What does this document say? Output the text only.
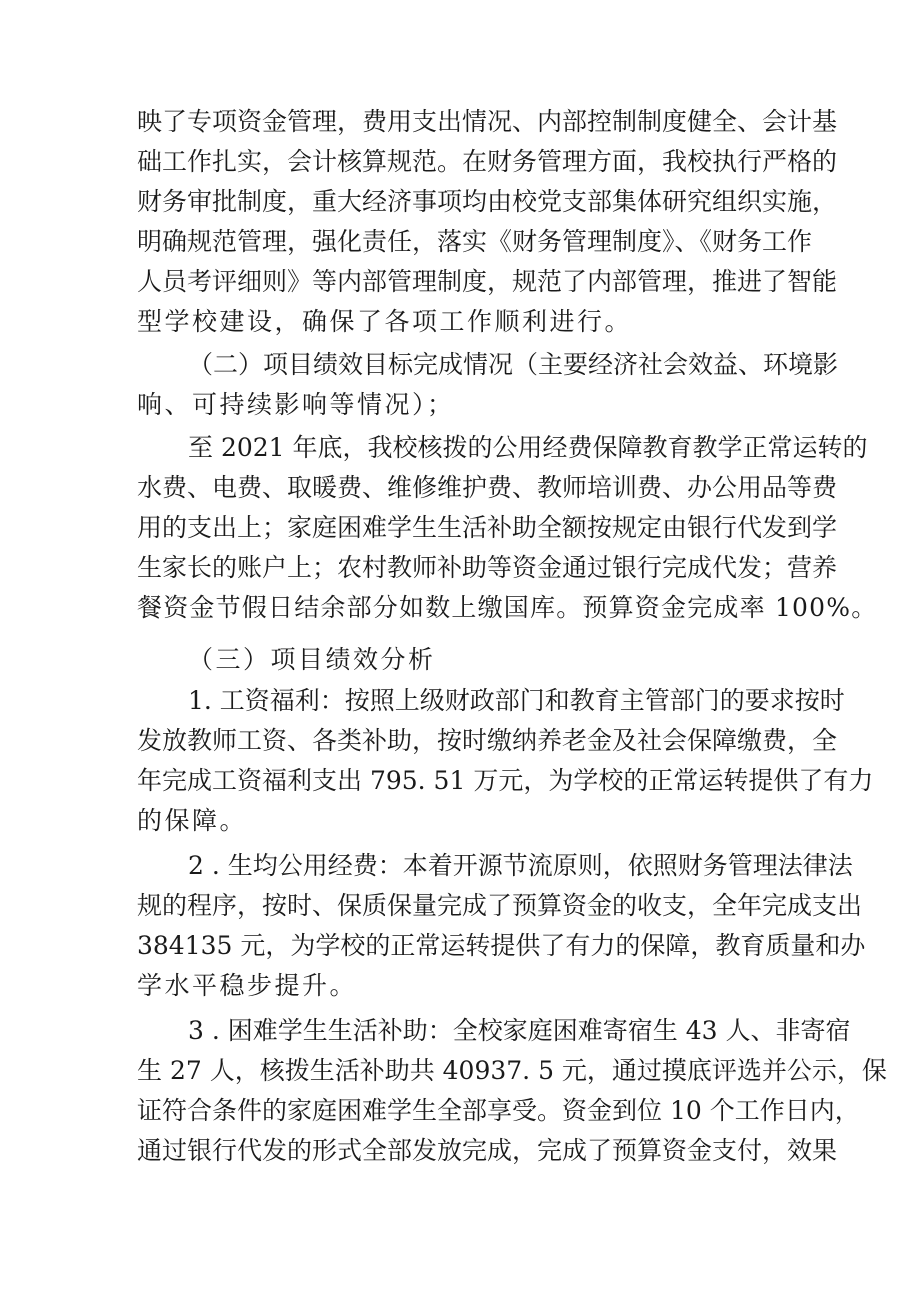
映了专项资金管理，费用支出情况、内部控制制度健全、会计基
础工作扎实，会计核算规范。在财务管理方面，我校执行严格的
财务审批制度，重大经济事项均由校党支部集体研究组织实施，
明确规范管理，强化责任，落实《财务管理制度》、《财务工作
人员考评细则》等内部管理制度，规范了内部管理，推进了智能
型学校建设，确保了各项工作顺利进行。
（二）项目绩效目标完成情况（主要经济社会效益、环境影
响、可持续影响等情况）；
至 2021 年底，我校核拨的公用经费保障教育教学正常运转的
水费、电费、取暖费、维修维护费、教师培训费、办公用品等费
用的支出上；家庭困难学生生活补助全额按规定由银行代发到学
生家长的账户上；农村教师补助等资金通过银行完成代发；营养
餐资金节假日结余部分如数上缴国库。预算资金完成率 100%。
（三）项目绩效分析
1. 工资福利：按照上级财政部门和教育主管部门的要求按时
发放教师工资、各类补助，按时缴纳养老金及社会保障缴费，全
年完成工资福利支出 795. 51 万元，为学校的正常运转提供了有力
的保障。
2 . 生均公用经费：本着开源节流原则，依照财务管理法律法
规的程序，按时、保质保量完成了预算资金的收支，全年完成支出
384135 元，为学校的正常运转提供了有力的保障，教育质量和办
学水平稳步提升。
3 . 困难学生生活补助：全校家庭困难寄宿生 43 人、非寄宿
生 27 人，核拨生活补助共 40937. 5 元，通过摸底评选并公示，保
证符合条件的家庭困难学生全部享受。资金到位 10 个工作日内，
通过银行代发的形式全部发放完成，完成了预算资金支付，效果
